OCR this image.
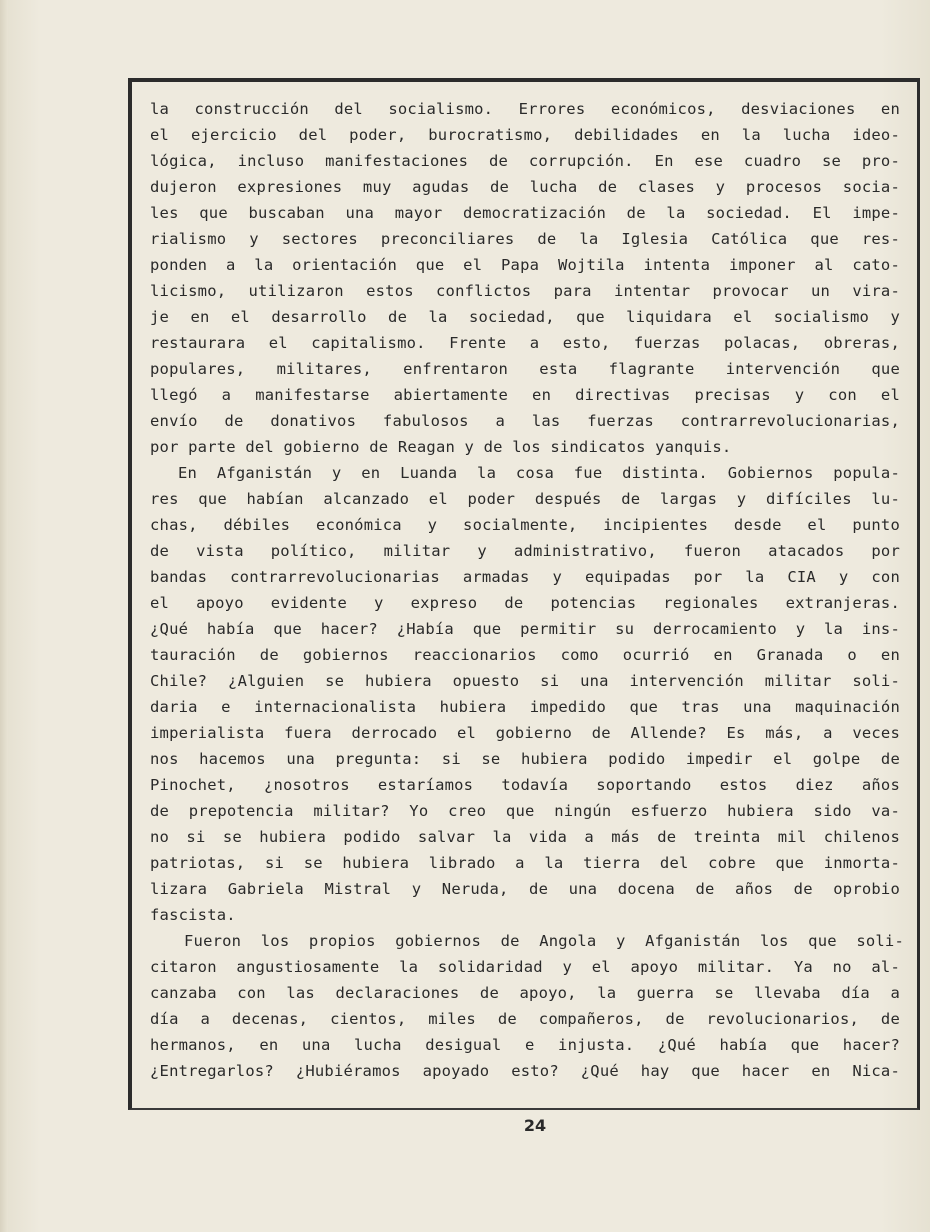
la construcción del socialismo. Errores económicos, desviaciones en
el ejercicio del poder, burocratismo, debilidades en la lucha ideo-
lógica, incluso manifestaciones de corrupción. En ese cuadro se pro-
dujeron expresiones muy agudas de lucha de clases y procesos socia-
les que buscaban una mayor democratización de la sociedad. El impe-
rialismo y sectores preconciliares de la Iglesia Católica que res-
ponden a la orientación que el Papa Wojtila intenta imponer al cato-
licismo, utilizaron estos conflictos para intentar provocar un vira-
je en el desarrollo de la sociedad, que liquidara el socialismo y
restaurara el capitalismo. Frente a esto, fuerzas polacas, obreras,
populares, militares, enfrentaron esta flagrante intervención que
llegó a manifestarse abiertamente en directivas precisas y con el
envío de donativos fabulosos a las fuerzas contrarrevolucionarias,
por parte del gobierno de Reagan y de los sindicatos yanquis.
En Afganistán y en Luanda la cosa fue distinta. Gobiernos popula-
res que habían alcanzado el poder después de largas y difíciles lu-
chas, débiles económica y socialmente, incipientes desde el punto
de vista político, militar y administrativo, fueron atacados por
bandas contrarrevolucionarias armadas y equipadas por la CIA y con
el apoyo evidente y expreso de potencias regionales extranjeras.
¿Qué había que hacer? ¿Había que permitir su derrocamiento y la ins-
tauración de gobiernos reaccionarios como ocurrió en Granada o en
Chile? ¿Alguien se hubiera opuesto si una intervención militar soli-
daria e internacionalista hubiera impedido que tras una maquinación
imperialista fuera derrocado el gobierno de Allende? Es más, a veces
nos hacemos una pregunta: si se hubiera podido impedir el golpe de
Pinochet, ¿nosotros estaríamos todavía soportando estos diez años
de prepotencia militar? Yo creo que ningún esfuerzo hubiera sido va-
no si se hubiera podido salvar la vida a más de treinta mil chilenos
patriotas, si se hubiera librado a la tierra del cobre que inmorta-
lizara Gabriela Mistral y Neruda, de una docena de años de oprobio
fascista.
Fueron los propios gobiernos de Angola y Afganistán los que soli-
citaron angustiosamente la solidaridad y el apoyo militar. Ya no al-
canzaba con las declaraciones de apoyo, la guerra se llevaba día a
día a decenas, cientos, miles de compañeros, de revolucionarios, de
hermanos, en una lucha desigual e injusta. ¿Qué había que hacer?
¿Entregarlos? ¿Hubiéramos apoyado esto? ¿Qué hay que hacer en Nica-
24
